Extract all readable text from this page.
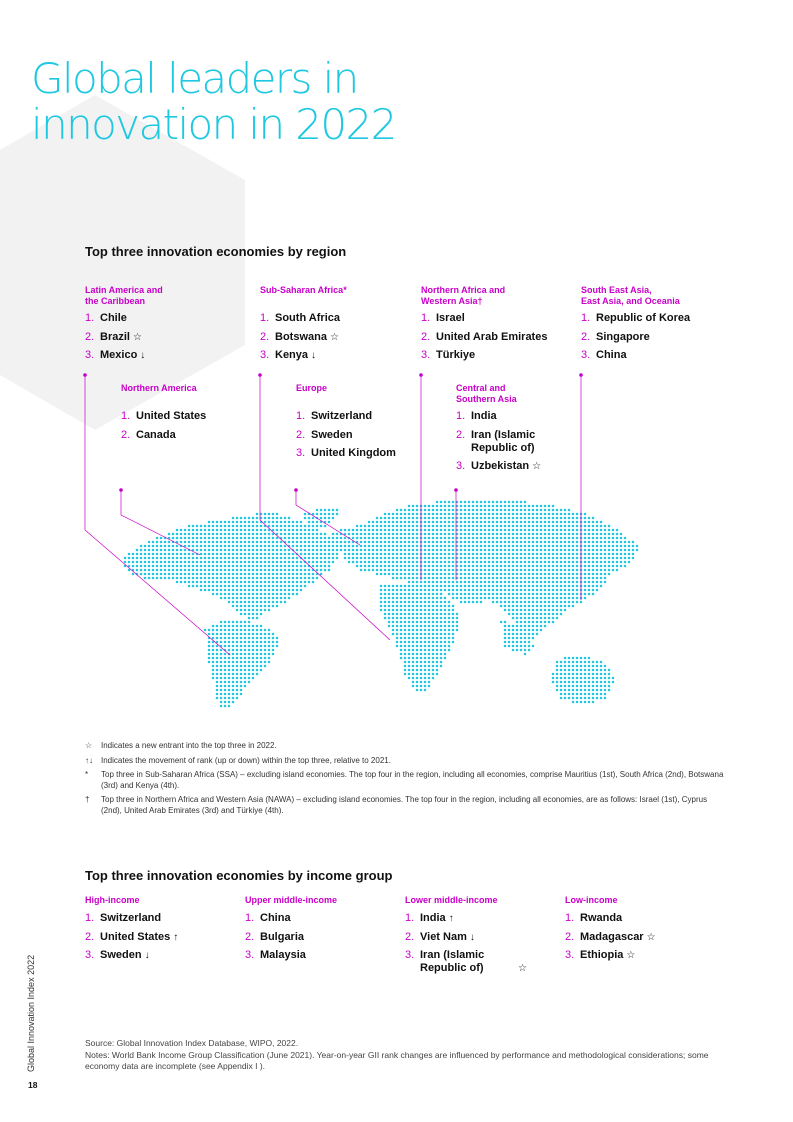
Global leaders in
innovation in 2022
Top three innovation economies by region
Latin America and
the Caribbean
1. Chile
2. Brazil ☆
3. Mexico ↓
Sub-Saharan Africa*
1. South Africa
2. Botswana ☆
3. Kenya ↓
Northern Africa and
Western Asia†
1. Israel
2. United Arab Emirates
3. Türkiye
South East Asia,
East Asia, and Oceania
1. Republic of Korea
2. Singapore
3. China
Northern America
1. United States
2. Canada
Europe
1. Switzerland
2. Sweden
3. United Kingdom
Central and
Southern Asia
1. India
2. Iran (Islamic Republic of)
3. Uzbekistan ☆
☆	Indicates a new entrant into the top three in 2022.
↑↓	Indicates the movement of rank (up or down) within the top three, relative to 2021.
*	Top three in Sub-Saharan Africa (SSA) – excluding island economies. The top four in the region, including all economies, comprise Mauritius (1st), South Africa (2nd), Botswana (3rd) and Kenya (4th).
†	Top three in Northern Africa and Western Asia (NAWA) – excluding island economies. The top four in the region, including all economies, are as follows: Israel (1st), Cyprus (2nd), United Arab Emirates (3rd) and Türkiye (4th).
Top three innovation economies by income group
High-income
1. Switzerland
2. United States ↑
3. Sweden ↓
Upper middle-income
1. China
2. Bulgaria
3. Malaysia
Lower middle-income
1. India ↑
2. Viet Nam ↓
3. Iran (Islamic Republic of)	☆
Low-income
1. Rwanda
2. Madagascar ☆
3. Ethiopia ☆

Source: Global Innovation Index Database, WIPO, 2022.

Notes: World Bank Income Group Classification (June 2021). Year-on-year GII rank changes are influenced by performance and methodological considerations; some economy data are incomplete (see Appendix I ).

Global Innovation Index 2022
18
